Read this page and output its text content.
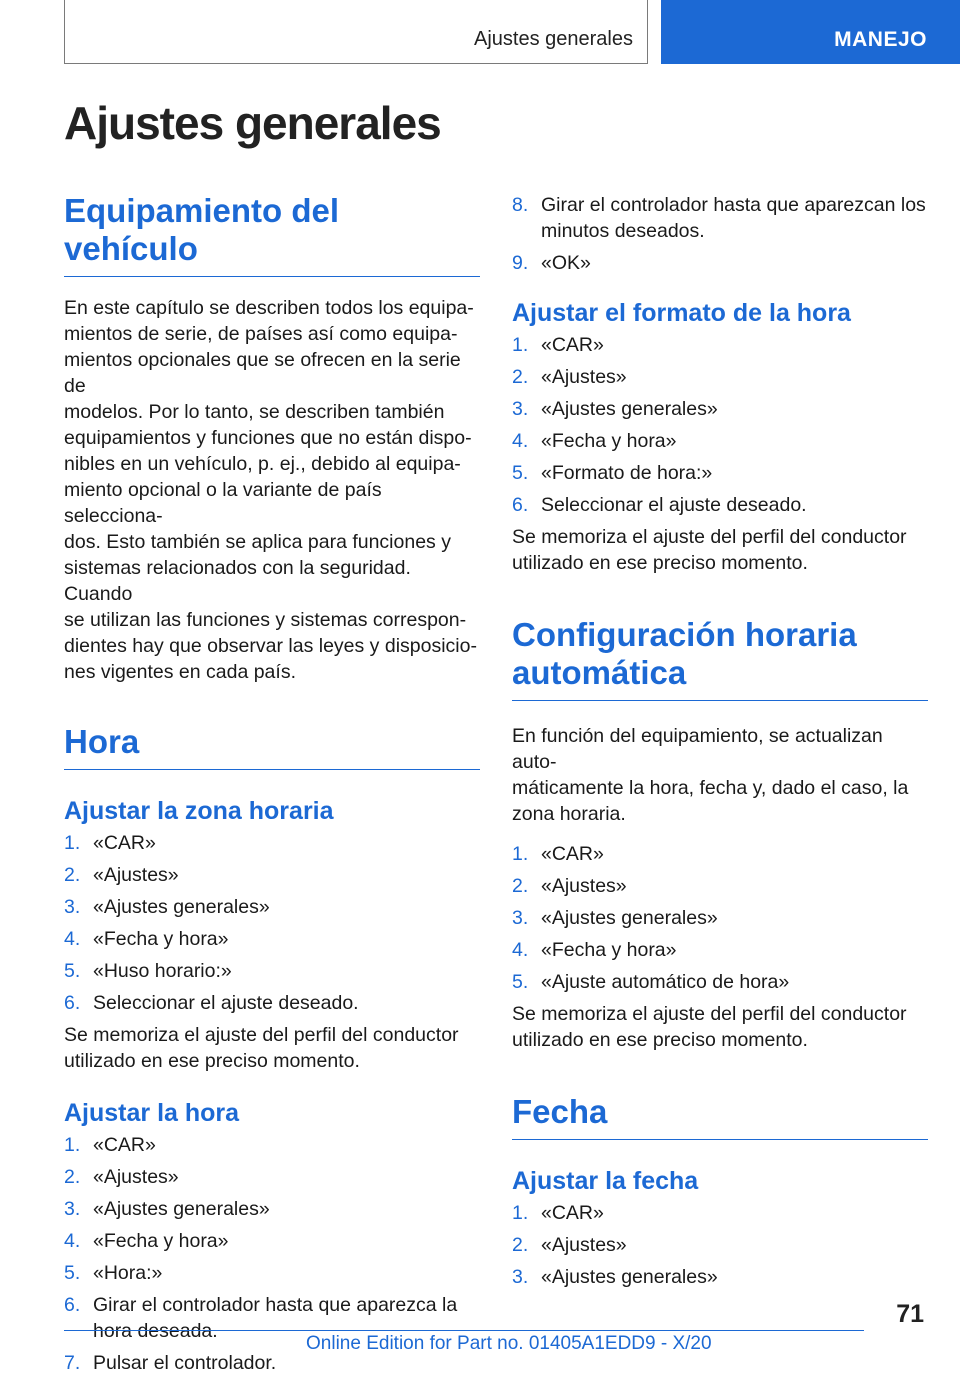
Ajustes generales	MANEJO
Ajustes generales
Equipamiento del vehículo

En este capítulo se describen todos los equipa-
mientos de serie, de países así como equipa-
mientos opcionales que se ofrecen en la serie de
modelos. Por lo tanto, se describen también
equipamientos y funciones que no están dispo-
nibles en un vehículo, p. ej., debido al equipa-
miento opcional o la variante de país selecciona-
dos. Esto también se aplica para funciones y
sistemas relacionados con la seguridad. Cuando
se utilizan las funciones y sistemas correspon-
dientes hay que observar las leyes y disposicio-
nes vigentes en cada país.

Hora
Ajustar la zona horaria
1. «CAR»
2. «Ajustes»
3. «Ajustes generales»
4. «Fecha y hora»
5. «Huso horario:»
6. Seleccionar el ajuste deseado.

Se memoriza el ajuste del perfil del conductor
utilizado en ese preciso momento.

Ajustar la hora
1. «CAR»
2. «Ajustes»
3. «Ajustes generales»
4. «Fecha y hora»
5. «Hora:»
6. Girar el controlador hasta que aparezca la
hora deseada.
7. Pulsar el controlador.
8. Girar el controlador hasta que aparezcan los
minutos deseados.
9. «OK»
Ajustar el formato de la hora
1. «CAR»
2. «Ajustes»
3. «Ajustes generales»
4. «Fecha y hora»
5. «Formato de hora:»
6. Seleccionar el ajuste deseado.

Se memoriza el ajuste del perfil del conductor
utilizado en ese preciso momento.

Configuración horaria
automática

En función del equipamiento, se actualizan auto-
máticamente la hora, fecha y, dado el caso, la
zona horaria.

1. «CAR»
2. «Ajustes»
3. «Ajustes generales»
4. «Fecha y hora»
5. «Ajuste automático de hora»

Se memoriza el ajuste del perfil del conductor
utilizado en ese preciso momento.

Fecha
Ajustar la fecha
1. «CAR»
2. «Ajustes»
3. «Ajustes generales»
71
Online Edition for Part no. 01405A1EDD9 - X/20
